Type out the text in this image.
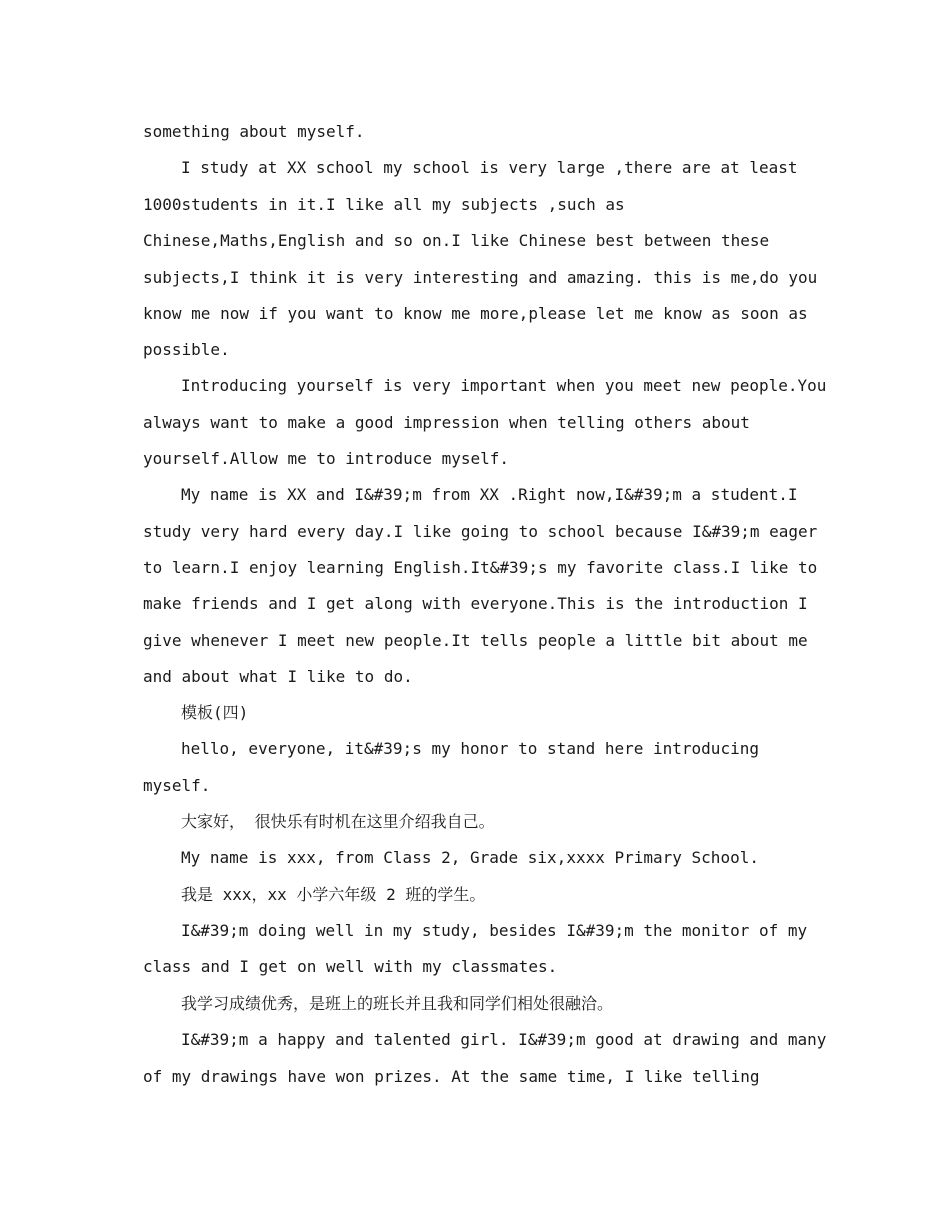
something about myself.

I study at XX school my school is very large ,there are at least

1000students in it.I like all my subjects ,such as

Chinese,Maths,English and so on.I like Chinese best between these

subjects,I think it is very interesting and amazing. this is me,do you

know me now if you want to know me more,please let me know as soon as

possible.

Introducing yourself is very important when you meet new people.You

always want to make a good impression when telling others about

yourself.Allow me to introduce myself.

My name is XX and I&#39;m from XX .Right now,I&#39;m a student.I

study very hard every day.I like going to school because I&#39;m eager

to learn.I enjoy learning English.It&#39;s my favorite class.I like to

make friends and I get along with everyone.This is the introduction I

give whenever I meet new people.It tells people a little bit about me

and about what I like to do.

模板(四)

hello, everyone, it&#39;s my honor to stand here introducing

myself.

大家好， 很快乐有时机在这里介绍我自己。

My name is xxx, from Class 2, Grade six,xxxx Primary School.

我是 xxx，xx 小学六年级 2 班的学生。

I&#39;m doing well in my study, besides I&#39;m the monitor of my

class and I get on well with my classmates.

我学习成绩优秀，是班上的班长并且我和同学们相处很融洽。

I&#39;m a happy and talented girl. I&#39;m good at drawing and many

of my drawings have won prizes. At the same time, I like telling
